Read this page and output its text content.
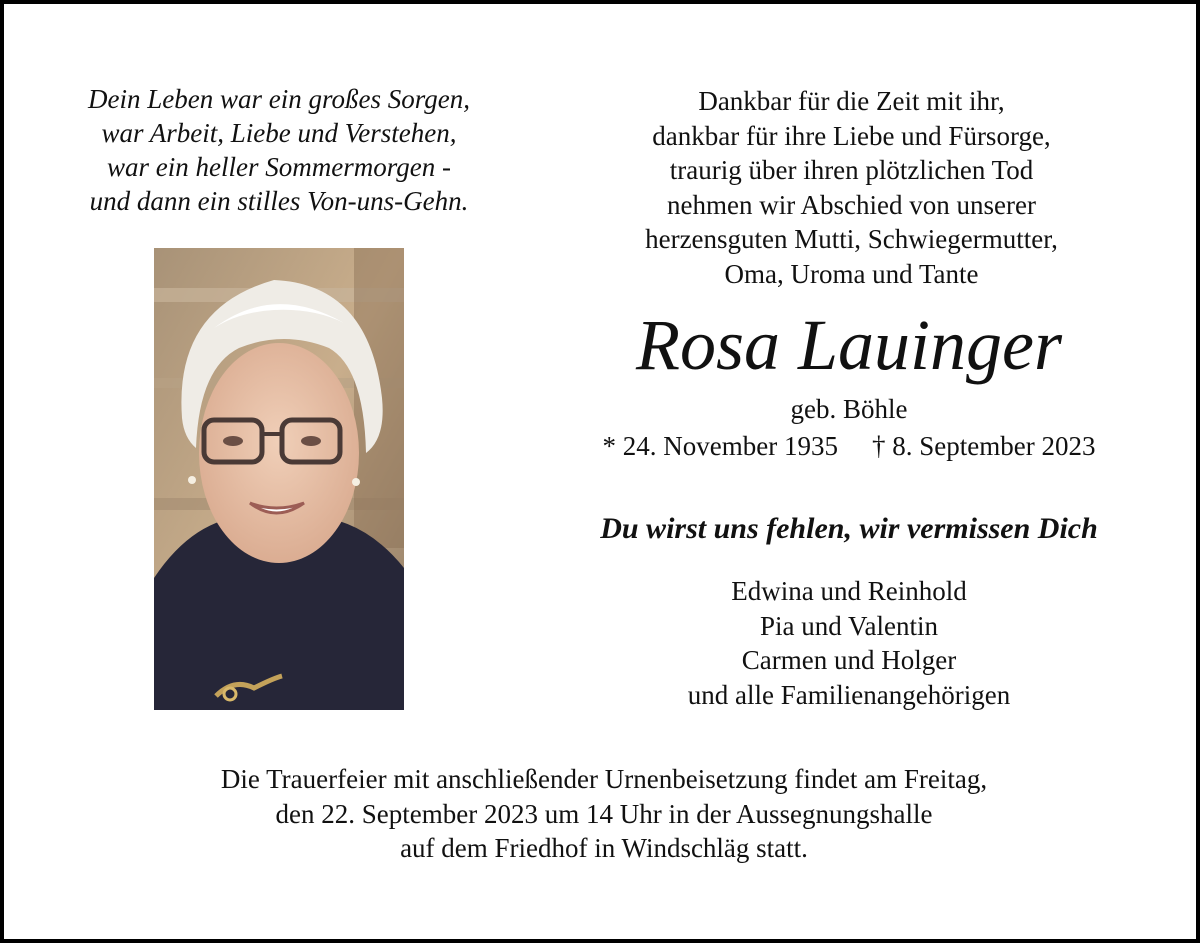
Dein Leben war ein großes Sorgen,
war Arbeit, Liebe und Verstehen,
war ein heller Sommermorgen -
und dann ein stilles Von-uns-Gehn.
Dankbar für die Zeit mit ihr,
dankbar für ihre Liebe und Fürsorge,
traurig über ihren plötzlichen Tod
nehmen wir Abschied von unserer
herzensguten Mutti, Schwiegermutter,
Oma, Uroma und Tante
Rosa Lauinger
geb. Böhle
* 24. November 1935 † 8. September 2023
Du wirst uns fehlen, wir vermissen Dich
Edwina und Reinhold
Pia und Valentin
Carmen und Holger
und alle Familienangehörigen
Die Trauerfeier mit anschließender Urnenbeisetzung findet am Freitag,
den 22. September 2023 um 14 Uhr in der Aussegnungshalle
auf dem Friedhof in Windschläg statt.
